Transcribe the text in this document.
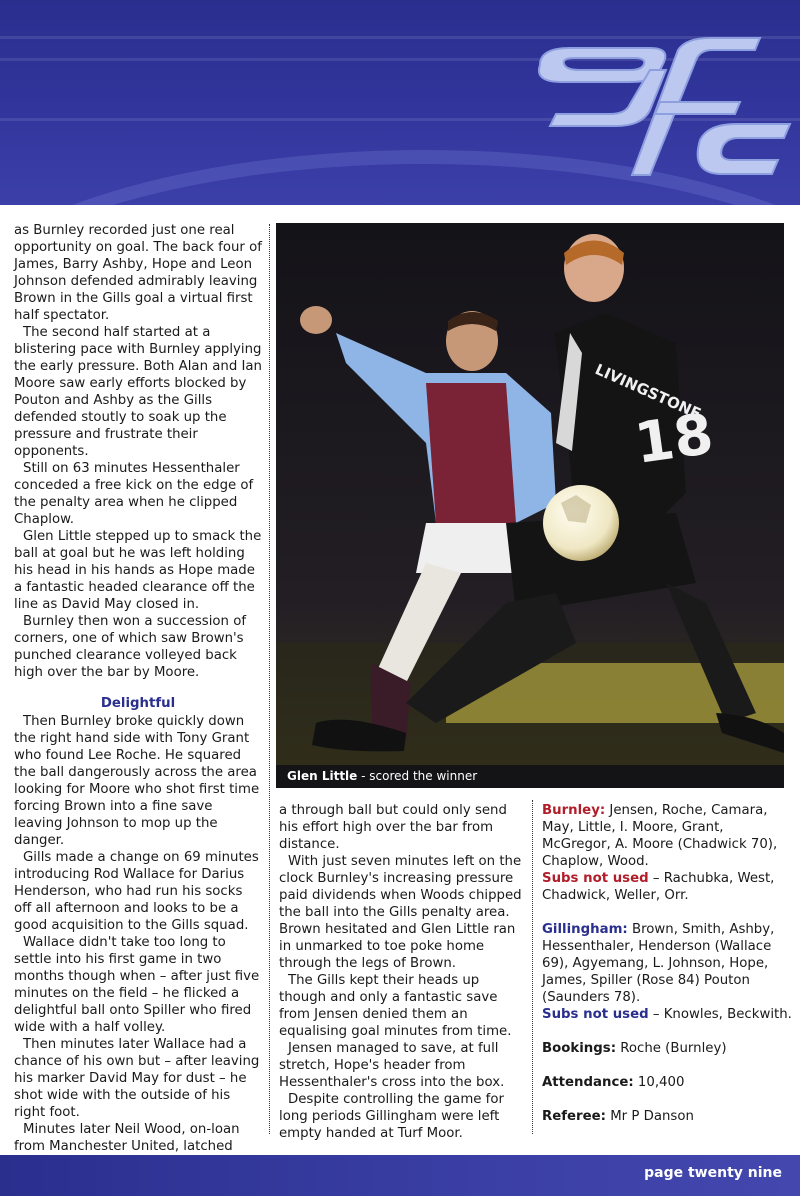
as Burnley recorded just one real opportunity on goal. The back four of James, Barry Ashby, Hope and Leon Johnson defended admirably leaving Brown in the Gills goal a virtual first half spectator.

The second half started at a blistering pace with Burnley applying the early pressure. Both Alan and Ian Moore saw early efforts blocked by Pouton and Ashby as the Gills defended stoutly to soak up the pressure and frustrate their opponents.

Still on 63 minutes Hessenthaler conceded a free kick on the edge of the penalty area when he clipped Chaplow.

Glen Little stepped up to smack the ball at goal but he was left holding his head in his hands as Hope made a fantastic headed clearance off the line as David May closed in.

Burnley then won a succession of corners, one of which saw Brown's punched clearance volleyed back high over the bar by Moore.

Delightful

Then Burnley broke quickly down the right hand side with Tony Grant who found Lee Roche. He squared the ball dangerously across the area looking for Moore who shot first time forcing Brown into a fine save leaving Johnson to mop up the danger.

Gills made a change on 69 minutes introducing Rod Wallace for Darius Henderson, who had run his socks off all afternoon and looks to be a good acquisition to the Gills squad.

Wallace didn't take too long to settle into his first game in two months though when – after just five minutes on the field – he flicked a delightful ball onto Spiller who fired wide with a half volley.

Then minutes later Wallace had a chance of his own but – after leaving his marker David May for dust – he shot wide with the outside of his right foot.

Minutes later Neil Wood, on-loan from Manchester United, latched

18
LIVINGSTONE
Glen Little - scored the winner

a through ball but could only send his effort high over the bar from distance.

With just seven minutes left on the clock Burnley's increasing pressure paid dividends when Woods chipped the ball into the Gills penalty area. Brown hesitated and Glen Little ran in unmarked to toe poke home through the legs of Brown.

The Gills kept their heads up though and only a fantastic save from Jensen denied them an equalising goal minutes from time.

Jensen managed to save, at full stretch, Hope's header from Hessenthaler's cross into the box.

Despite controlling the game for long periods Gillingham were left empty handed at Turf Moor.

Burnley: Jensen, Roche, Camara, May, Little, I. Moore, Grant, McGregor, A. Moore (Chadwick 70), Chaplow, Wood.

Subs not used – Rachubka, West, Chadwick, Weller, Orr.

Gillingham: Brown, Smith, Ashby, Hessenthaler, Henderson (Wallace 69), Agyemang, L. Johnson, Hope, James, Spiller (Rose 84) Pouton (Saunders 78).

Subs not used – Knowles, Beckwith.

Bookings: Roche (Burnley)

Attendance: 10,400

Referee: Mr P Danson

page twenty nine
